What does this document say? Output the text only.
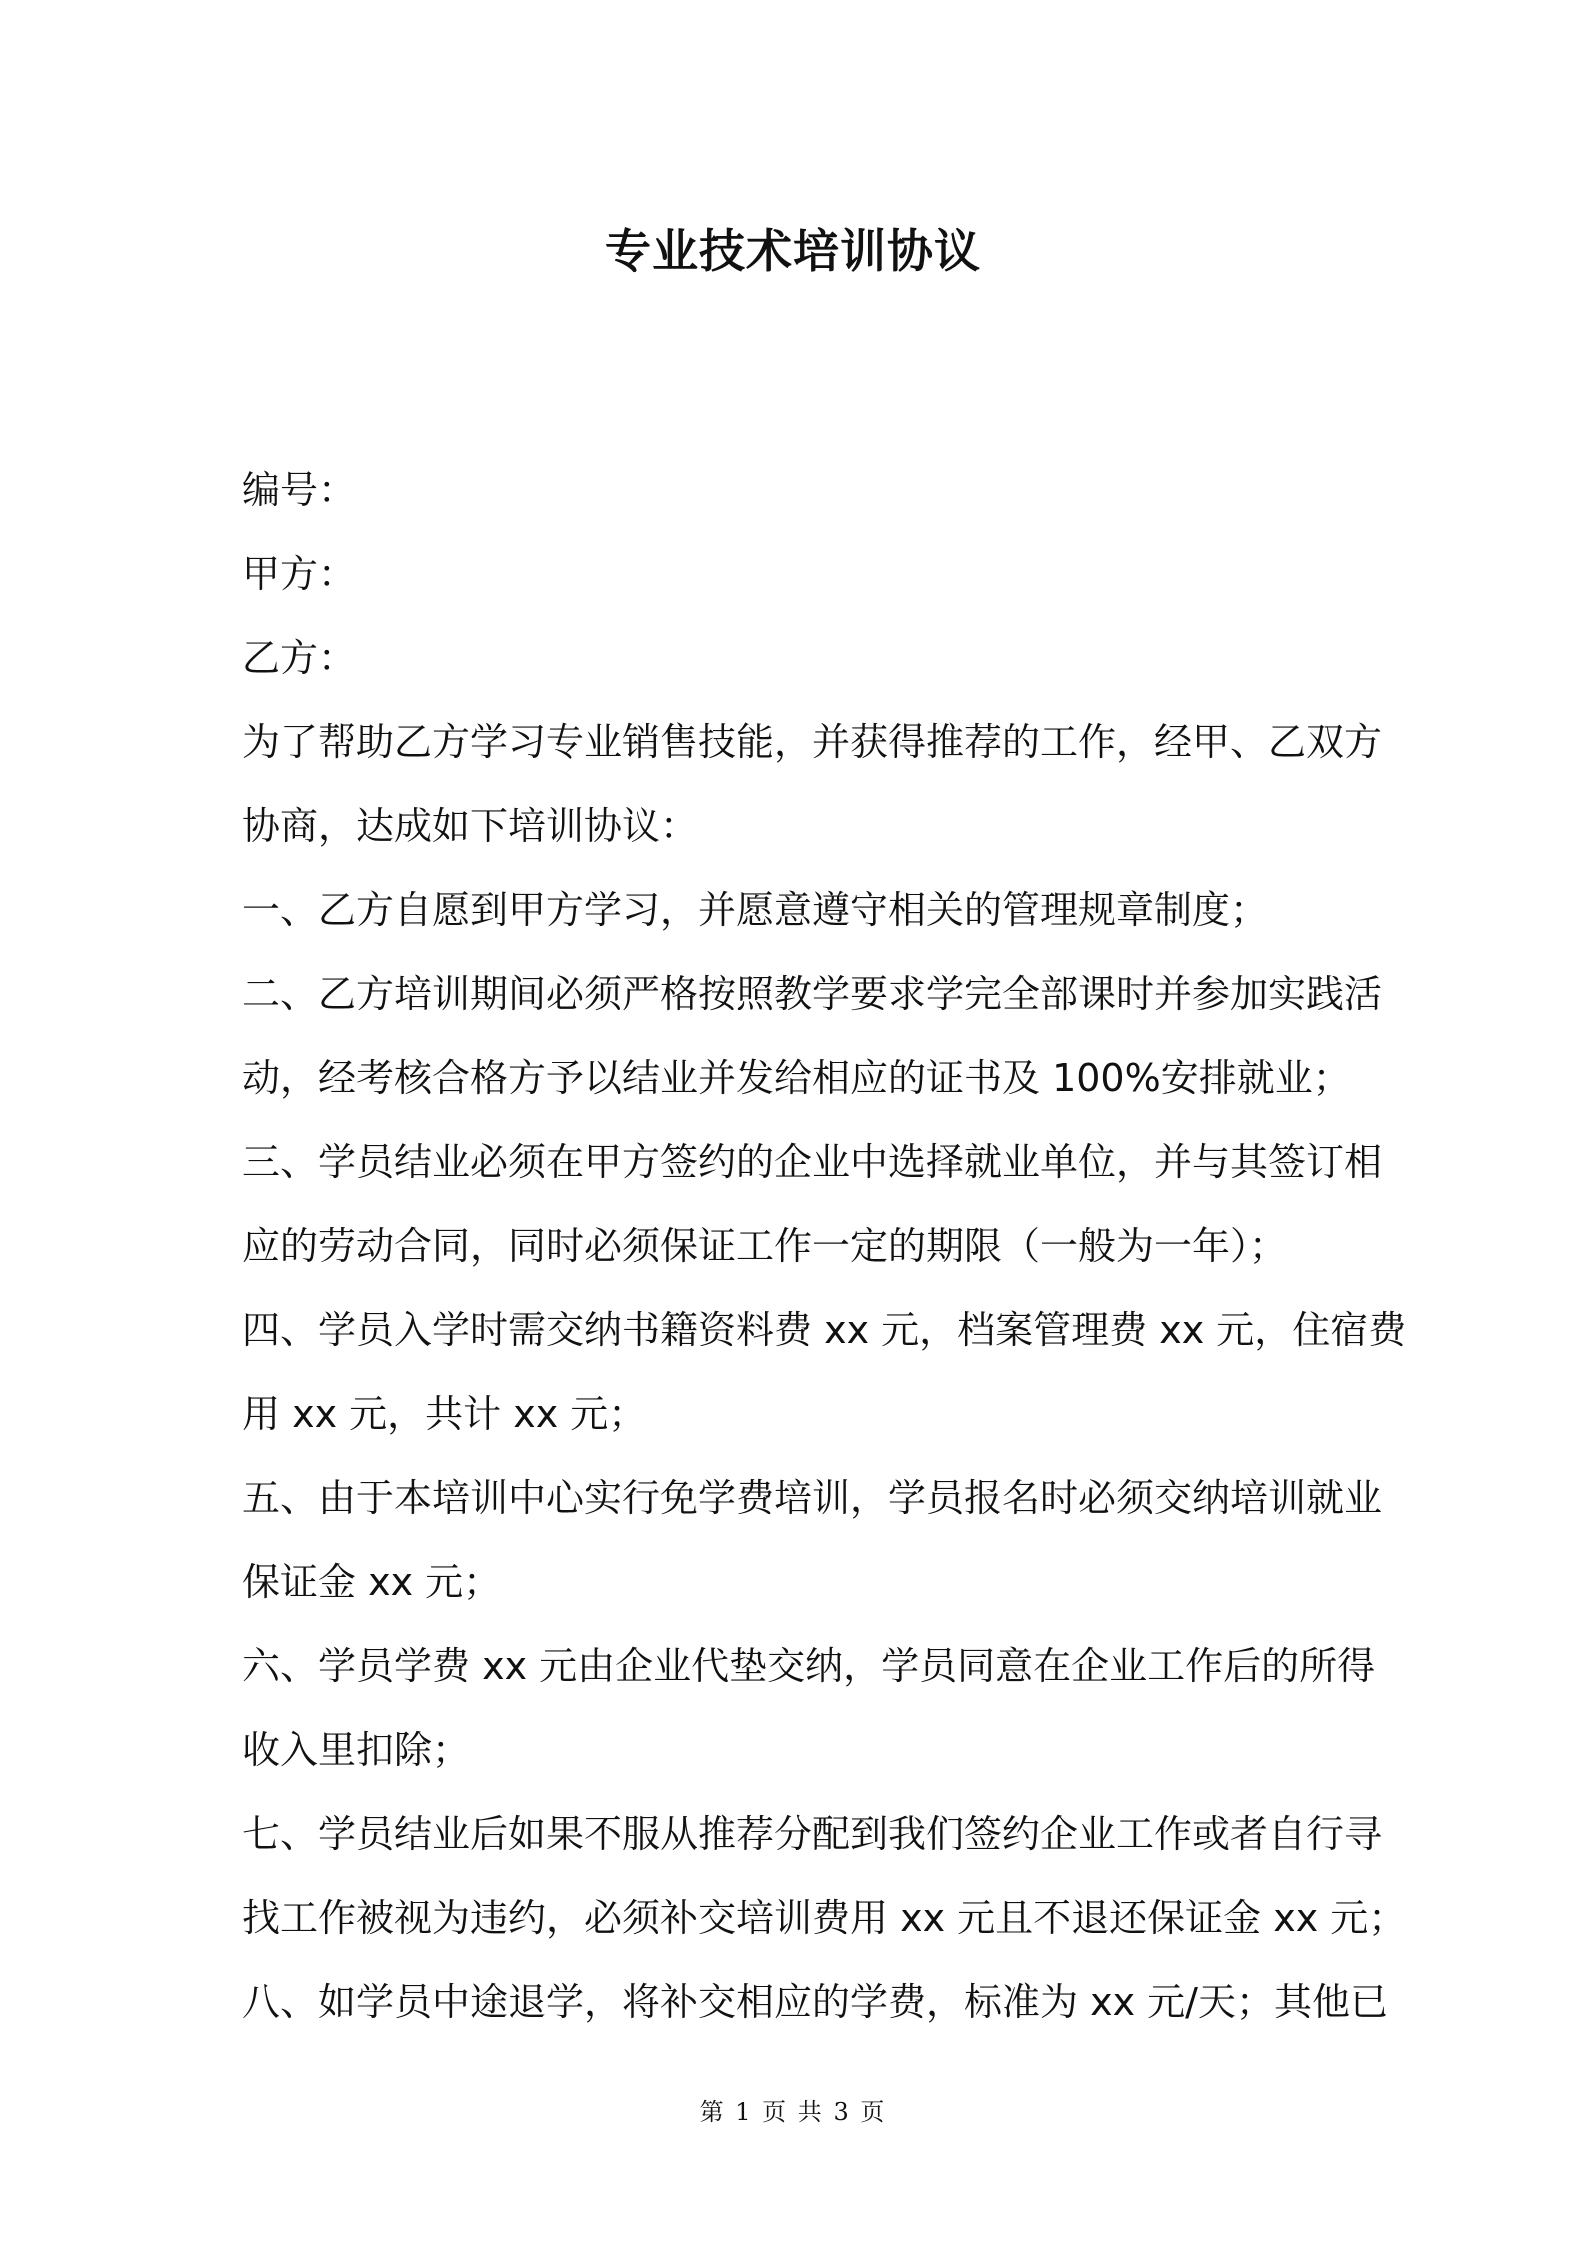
专业技术培训协议
编号：
甲方：
乙方：
为了帮助乙方学习专业销售技能，并获得推荐的工作，经甲、乙双方
协商，达成如下培训协议：
一、乙方自愿到甲方学习，并愿意遵守相关的管理规章制度；
二、乙方培训期间必须严格按照教学要求学完全部课时并参加实践活
动，经考核合格方予以结业并发给相应的证书及 100%安排就业；
三、学员结业必须在甲方签约的企业中选择就业单位，并与其签订相
应的劳动合同，同时必须保证工作一定的期限（一般为一年）；
四、学员入学时需交纳书籍资料费 xx 元，档案管理费 xx 元，住宿费
用 xx 元，共计 xx 元；
五、由于本培训中心实行免学费培训，学员报名时必须交纳培训就业
保证金 xx 元；
六、学员学费 xx 元由企业代垫交纳，学员同意在企业工作后的所得
收入里扣除；
七、学员结业后如果不服从推荐分配到我们签约企业工作或者自行寻
找工作被视为违约，必须补交培训费用 xx 元且不退还保证金 xx 元；
八、如学员中途退学，将补交相应的学费，标准为 xx 元/天；其他已
第 1 页 共 3 页
